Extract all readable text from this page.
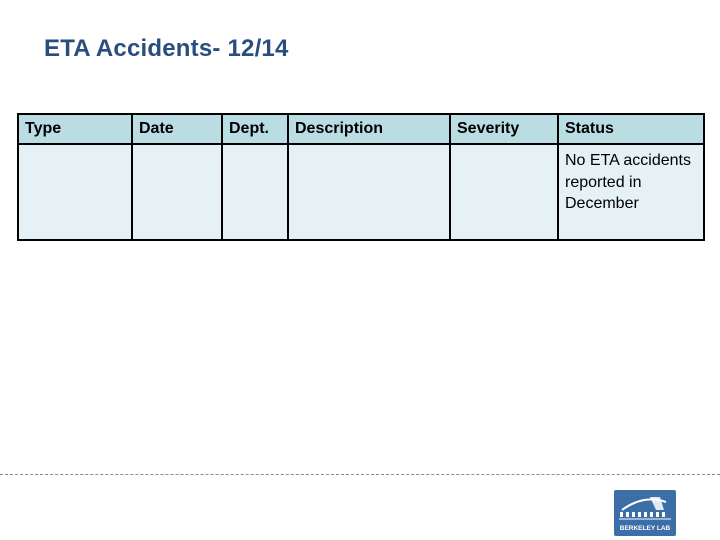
ETA Accidents- 12/14
Type	Date	Dept.	Description	Severity	Status
					No ETA accidents reported in December
BERKELEY LAB
